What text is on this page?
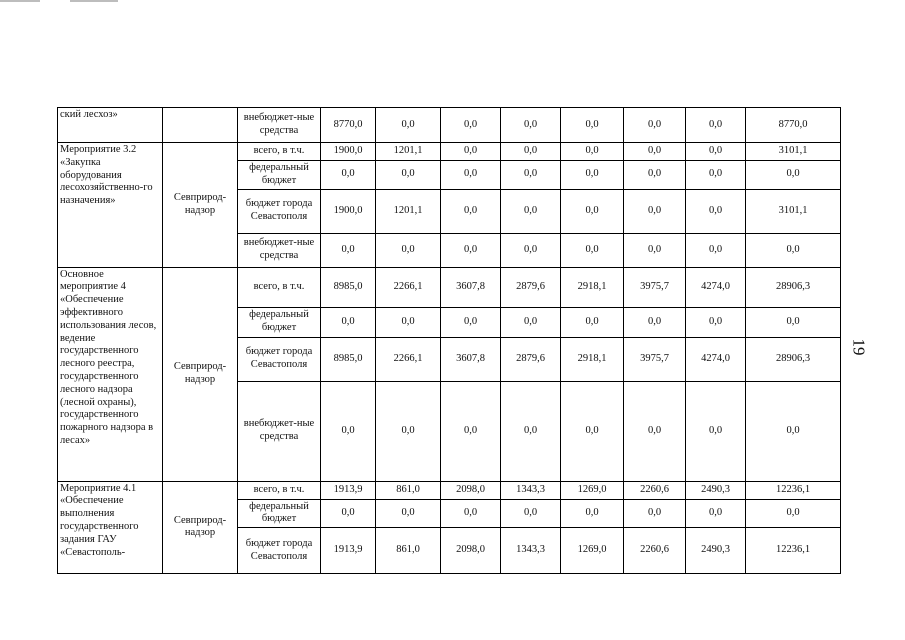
ский лесхоз»		внебюджет-ные средства	8770,0	0,0	0,0	0,0	0,0	0,0	0,0	8770,0
Мероприятие 3.2 «Закупка оборудования лесохозяйственно-го назначения»	Севприрод-надзор	всего, в т.ч.	1900,0	1201,1	0,0	0,0	0,0	0,0	0,0	3101,1
		федеральный бюджет	0,0	0,0	0,0	0,0	0,0	0,0	0,0	0,0
		бюджет города Севастополя	1900,0	1201,1	0,0	0,0	0,0	0,0	0,0	3101,1
		внебюджет-ные средства	0,0	0,0	0,0	0,0	0,0	0,0	0,0	0,0
Основное мероприятие 4 «Обеспечение эффективного использования лесов, ведение государственного лесного реестра, государственного лесного надзора (лесной охраны), государственного пожарного надзора в лесах»	Севприрод-надзор	всего, в т.ч.	8985,0	2266,1	3607,8	2879,6	2918,1	3975,7	4274,0	28906,3
		федеральный бюджет	0,0	0,0	0,0	0,0	0,0	0,0	0,0	0,0
		бюджет города Севастополя	8985,0	2266,1	3607,8	2879,6	2918,1	3975,7	4274,0	28906,3
		внебюджет-ные средства	0,0	0,0	0,0	0,0	0,0	0,0	0,0	0,0
Мероприятие 4.1 «Обеспечение выполнения государственного задания ГАУ «Севастополь-	Севприрод-надзор	всего, в т.ч.	1913,9	861,0	2098,0	1343,3	1269,0	2260,6	2490,3	12236,1
		федеральный бюджет	0,0	0,0	0,0	0,0	0,0	0,0	0,0	0,0
		бюджет города Севастополя	1913,9	861,0	2098,0	1343,3	1269,0	2260,6	2490,3	12236,1
19
